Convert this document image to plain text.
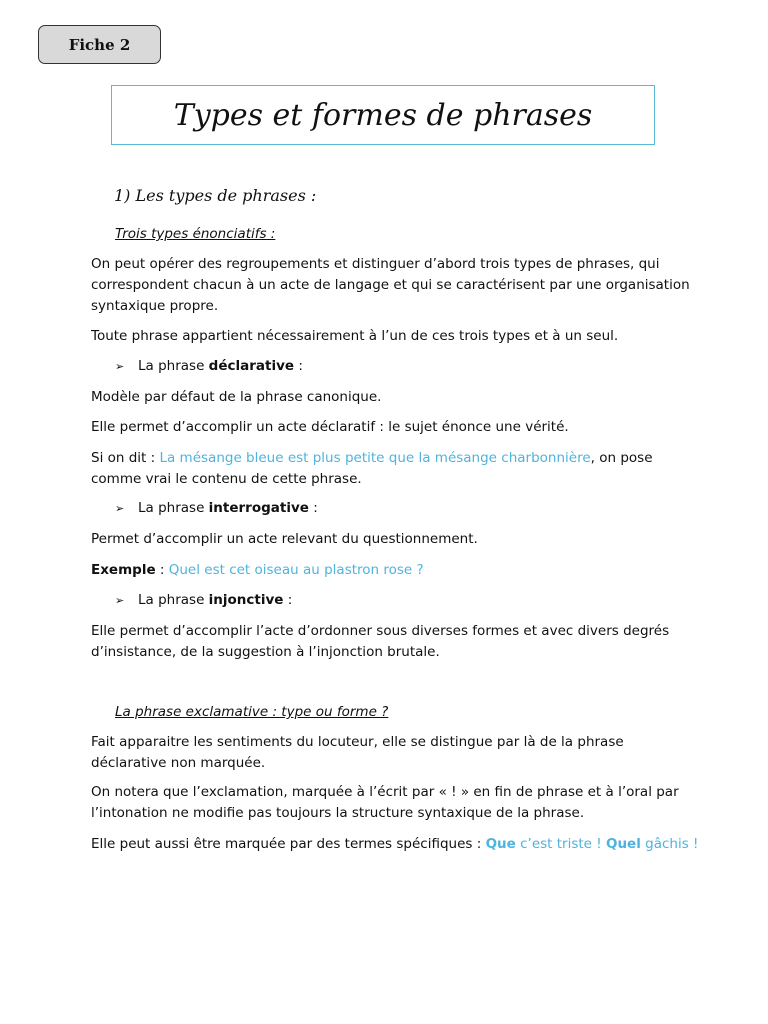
Fiche 2
Types et formes de phrases
1) Les types de phrases :
Trois types énonciatifs :
On peut opérer des regroupements et distinguer d’abord trois types de phrases, qui
correspondent chacun à un acte de langage et qui se caractérisent par une organisation
syntaxique propre.
Toute phrase appartient nécessairement à l’un de ces trois types et à un seul.
➢ La phrase déclarative :
Modèle par défaut de la phrase canonique.
Elle permet d’accomplir un acte déclaratif : le sujet énonce une vérité.
Si on dit : La mésange bleue est plus petite que la mésange charbonnière, on pose
comme vrai le contenu de cette phrase.
➢ La phrase interrogative :
Permet d’accomplir un acte relevant du questionnement.
Exemple : Quel est cet oiseau au plastron rose ?
➢ La phrase injonctive :
Elle permet d’accomplir l’acte d’ordonner sous diverses formes et avec divers degrés
d’insistance, de la suggestion à l’injonction brutale.
La phrase exclamative : type ou forme ?
Fait apparaitre les sentiments du locuteur, elle se distingue par là de la phrase
déclarative non marquée.
On notera que l’exclamation, marquée à l’écrit par « ! » en fin de phrase et à l’oral par
l’intonation ne modifie pas toujours la structure syntaxique de la phrase.
Elle peut aussi être marquée par des termes spécifiques : Que c’est triste ! Quel gâchis !
